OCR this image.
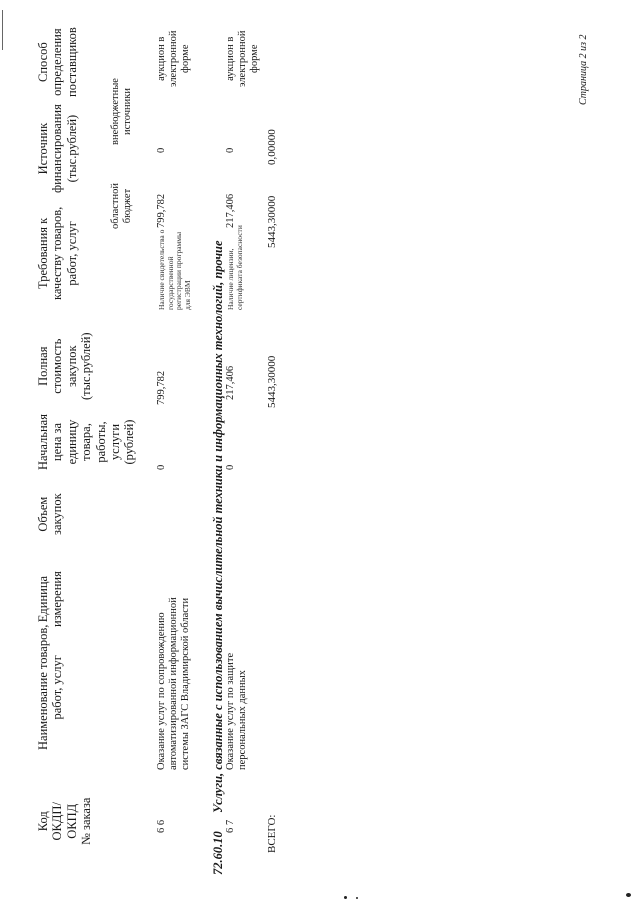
Код ОКДП/ ОКПД № заказа
Наименование товаров, работ, услуг
Единица измерения
Объем закупок
Начальная цена за единицу товара, работы, услуги (рублей)
Полная стоимость закупок (тыс.рублей)
Требования к качеству товаров, работ, услуг
Источник финансирования (тыс.рублей)
областной бюджет
внебюджетные источники
Способ определения поставщиков
6 6
Оказание услуг по сопровождению автоматизированной информационной системы ЗАГС Владимирской области
0
799,782
Наличие свидетельства о государственной регистрации программы для ЭВМ
799,782
0
аукцион в электронной форме
72.60.10
Услуги, связанные с использованием вычислительной техники и информационных технологий, прочие
6 7
Оказание услуг по защите персональных данных
0
217,406
Наличие лицензии, сертификата безопасности
217,406
0
аукцион в электронной форме
ВСЕГО:
5443,30000
5443,30000
0,00000
Страница 2 из 2
